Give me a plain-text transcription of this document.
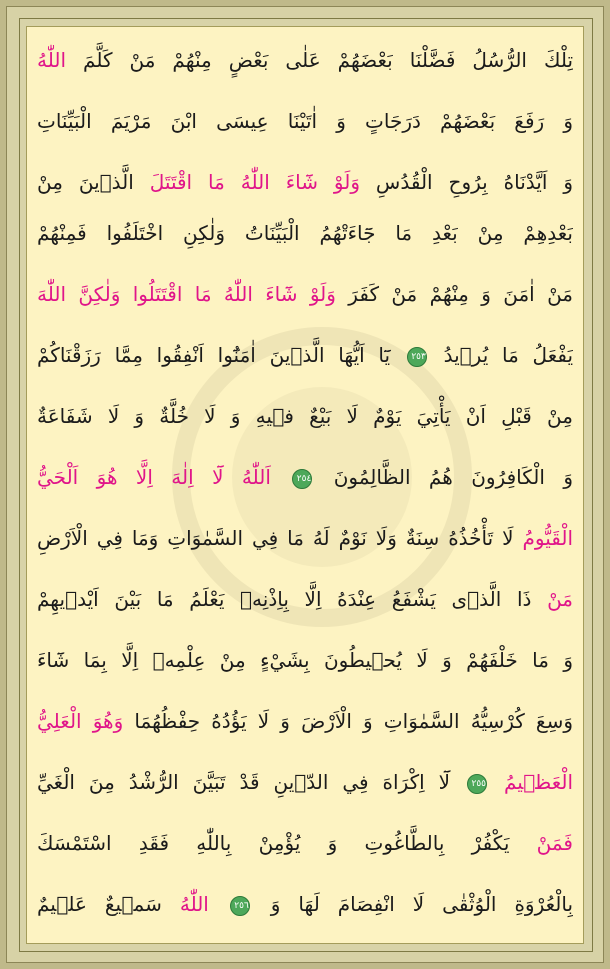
تِلْكَ الرُّسُلُ فَضَّلْنَا بَعْضَهُمْ عَلٰى بَعْضٍ مِنْهُمْ مَنْ كَلَّمَ اللّٰهُ
وَ رَفَعَ بَعْضَهُمْ دَرَجَاتٍ وَ اٰتَيْنَا عِيسَى ابْنَ مَرْيَمَ الْبَيِّنَاتِ
وَ اَيَّدْنَاهُ بِرُوحِ الْقُدُسِ وَلَوْ شَٓاءَ اللّٰهُ مَا اقْتَتَلَ الَّذٖينَ مِنْ
بَعْدِهِمْ مِنْ بَعْدِ مَا جَٓاءَتْهُمُ الْبَيِّنَاتُ وَلٰكِنِ اخْتَلَفُوا فَمِنْهُمْ
مَنْ اٰمَنَ وَ مِنْهُمْ مَنْ كَفَرَ وَلَوْ شَٓاءَ اللّٰهُ مَا اقْتَتَلُوا وَلٰكِنَّ اللّٰهَ
يَفْعَلُ مَا يُرٖيدُ ٢٥٣ يَٓا اَيُّهَا الَّذٖينَ اٰمَنُٓوا اَنْفِقُوا مِمَّا رَزَقْنَاكُمْ
مِنْ قَبْلِ اَنْ يَأْتِيَ يَوْمٌ لَا بَيْعٌ فٖيهِ وَ لَا خُلَّةٌ وَ لَا شَفَاعَةٌ
وَ الْكَافِرُونَ هُمُ الظَّالِمُونَ ٢٥٤ اَللّٰهُ لَٓا اِلٰهَ اِلَّا هُوَ اَلْحَيُّ
الْقَيُّومُ لَا تَأْخُذُهُ سِنَةٌ وَلَا نَوْمٌ لَهُ مَا فِي السَّمٰوَاتِ وَمَا فِي الْاَرْضِ
مَنْ ذَا الَّذٖى يَشْفَعُ عِنْدَهُ اِلَّا بِاِذْنِهٖ يَعْلَمُ مَا بَيْنَ اَيْدٖيهِمْ
وَ مَا خَلْفَهُمْ وَ لَا يُحٖيطُونَ بِشَيْءٍ مِنْ عِلْمِهٖ اِلَّا بِمَا شَٓاءَ
وَسِعَ كُرْسِيُّهُ السَّمٰوَاتِ وَ الْاَرْضَ وَ لَا يَؤُدُهُ حِفْظُهُمَا وَهُوَ الْعَلِيُّ
الْعَظٖيمُ ٢٥٥ لَٓا اِكْرَاهَ فِي الدّٖينِ قَدْ تَبَيَّنَ الرُّشْدُ مِنَ الْغَيِّ
فَمَنْ يَكْفُرْ بِالطَّاغُوتِ وَ يُؤْمِنْ بِاللّٰهِ فَقَدِ اسْتَمْسَكَ
بِالْعُرْوَةِ الْوُثْقٰى لَا انْفِصَامَ لَهَا وَ ٢٥٦ اللّٰهُ سَمٖيعٌ عَلٖيمٌ
